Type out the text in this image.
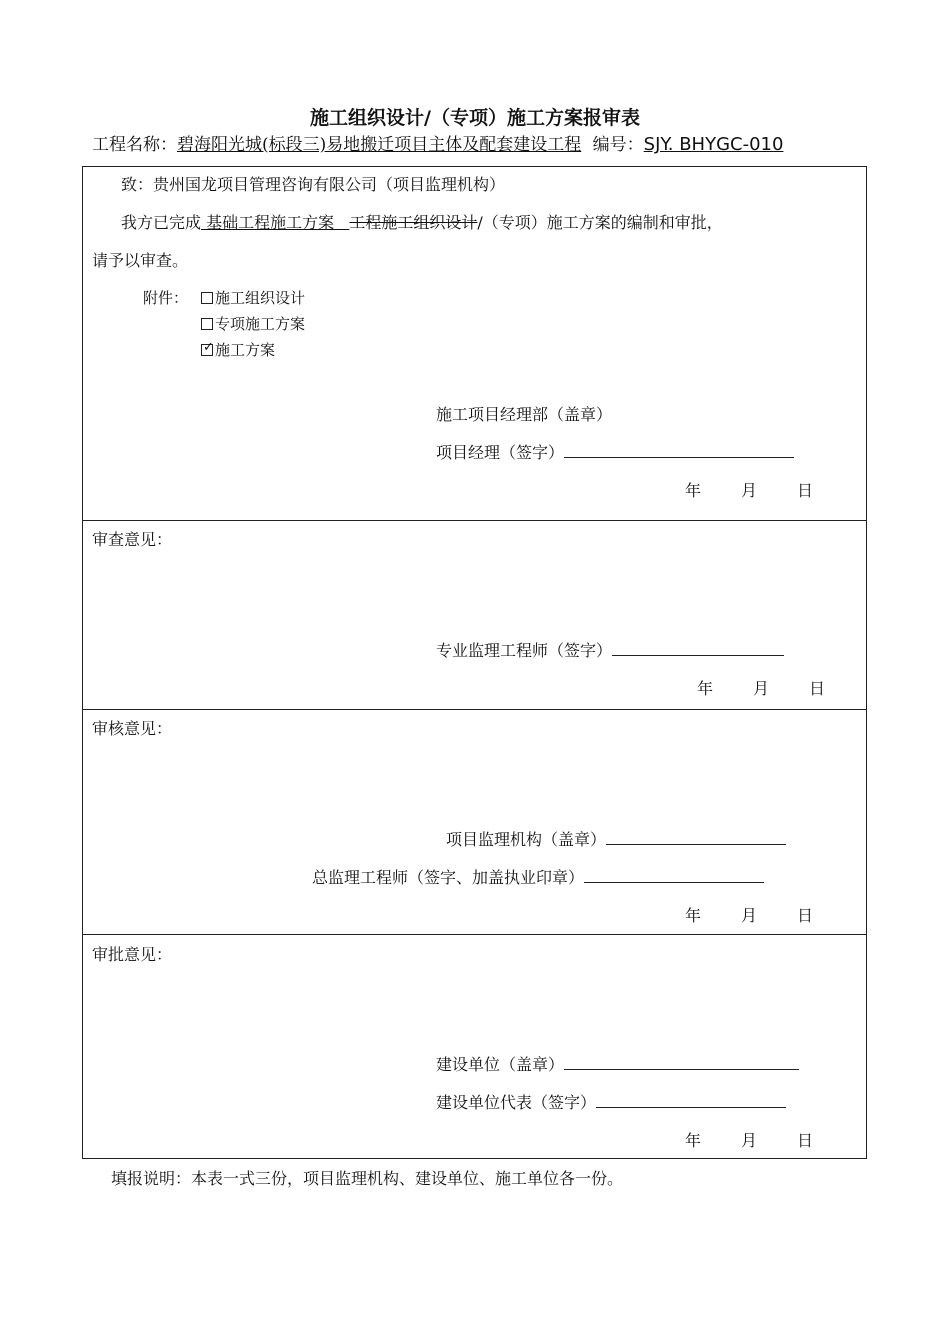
施工组织设计/（专项）施工方案报审表
工程名称：碧海阳光城(标段三)易地搬迁项目主体及配套建设工程 编号：SJY. BHYGC-010
致：贵州国龙项目管理咨询有限公司（项目监理机构）
我方已完成 基础工程施工方案   工程施工组织设计/（专项）施工方案的编制和审批，
请予以审查。
附件：	施工组织设计
专项施工方案
✓ 施工方案
施工项目经理部（盖章）
项目经理（签字）
年	月	日
审查意见：
专业监理工程师（签字）
年	月	日
审核意见：
项目监理机构（盖章）
总监理工程师（签字、加盖执业印章）
年	月	日
审批意见：
建设单位（盖章）
建设单位代表（签字）
年	月	日
填报说明：本表一式三份，项目监理机构、建设单位、施工单位各一份。
